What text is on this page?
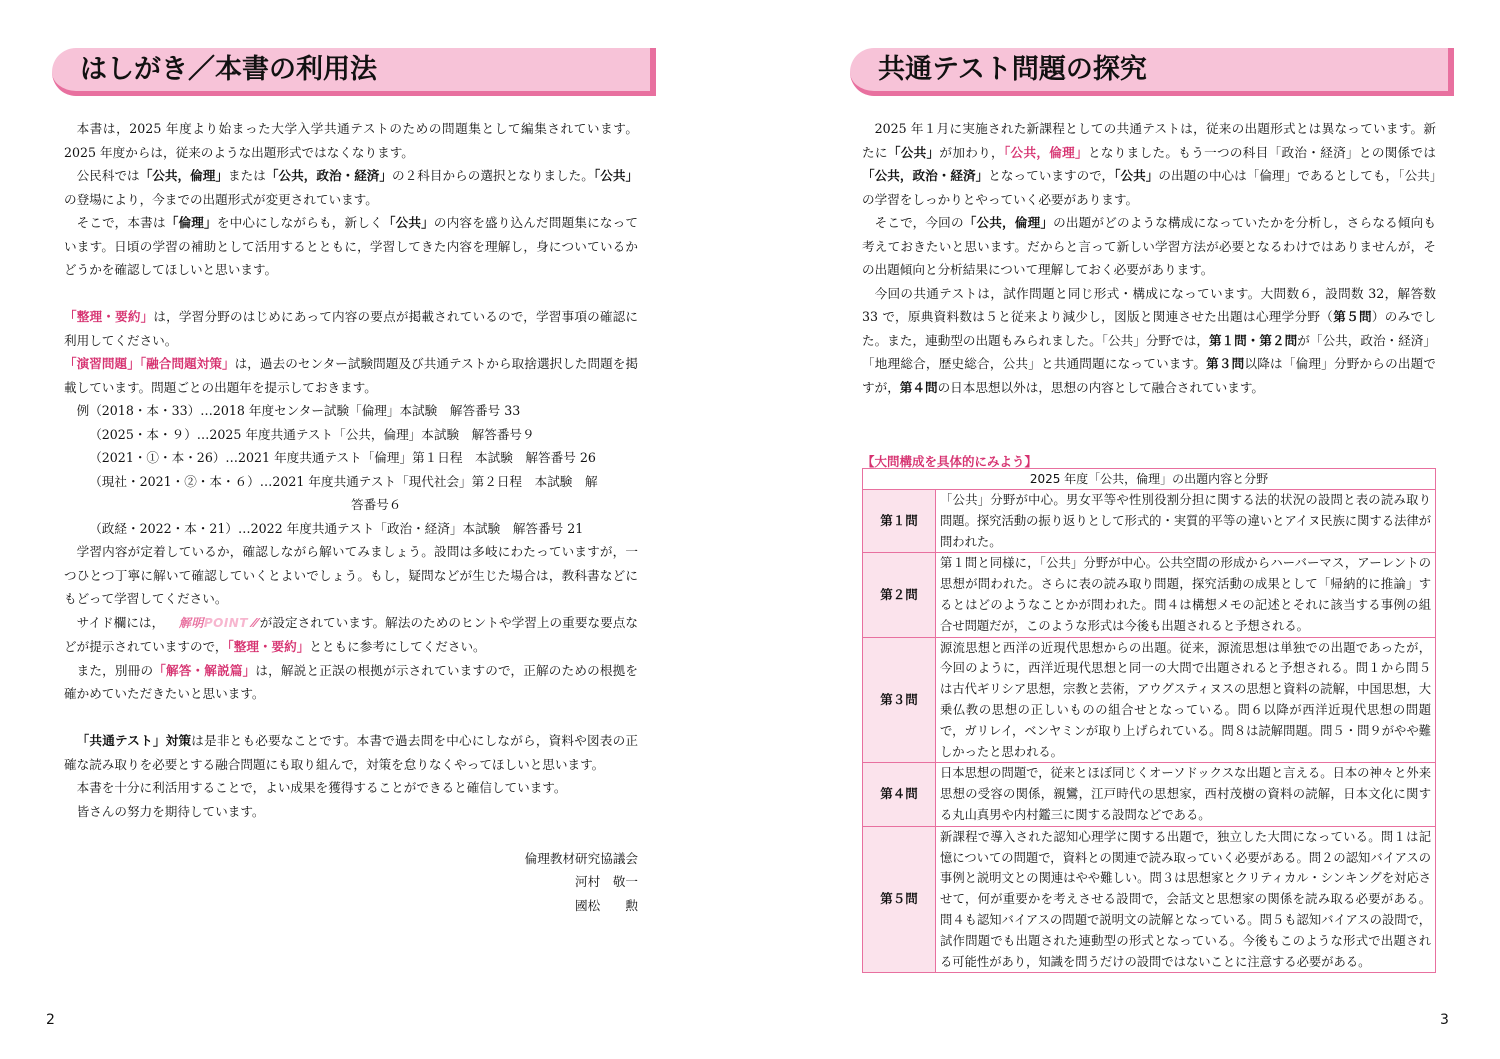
はしがき／本書の利用法

本書は，2025 年度より始まった大学入学共通テストのための問題集として編集されています。2025 年度からは，従来のような出題形式ではなくなります。

公民科では「公共，倫理」または「公共，政治・経済」の２科目からの選択となりました。「公共」の登場により，今までの出題形式が変更されています。

そこで，本書は「倫理」を中心にしながらも，新しく「公共」の内容を盛り込んだ問題集になっています。日頃の学習の補助として活用するとともに，学習してきた内容を理解し，身についているかどうかを確認してほしいと思います。

「整理・要約」は，学習分野のはじめにあって内容の要点が掲載されているので，学習事項の確認に利用してください。

「演習問題」「融合問題対策」は，過去のセンター試験問題及び共通テストから取捨選択した問題を掲載しています。問題ごとの出題年を提示しておきます。

例（2018・本・33）…2018 年度センター試験「倫理」本試験　解答番号 33

（2025・本・９）…2025 年度共通テスト「公共，倫理」本試験　解答番号９

（2021・①・本・26）…2021 年度共通テスト「倫理」第１日程　本試験　解答番号 26

（現社・2021・②・本・６）…2021 年度共通テスト「現代社会」第２日程　本試験　解

答番号６

（政経・2022・本・21）…2022 年度共通テスト「政治・経済」本試験　解答番号 21

学習内容が定着しているか，確認しながら解いてみましょう。設問は多岐にわたっていますが，一つひとつ丁寧に解いて確認していくとよいでしょう。もし，疑問などが生じた場合は，教科書などにもどって学習してください。

サイド欄には， 解明POINT ⁄⁄ が設定されています。解法のためのヒントや学習上の重要な要点などが提示されていますので，「整理・要約」とともに参考にしてください。

また，別冊の「解答・解説篇」は，解説と正誤の根拠が示されていますので，正解のための根拠を確かめていただきたいと思います。

「共通テスト」対策は是非とも必要なことです。本書で過去問を中心にしながら，資料や図表の正確な読み取りを必要とする融合問題にも取り組んで，対策を怠りなくやってほしいと思います。

本書を十分に利活用することで，よい成果を獲得することができると確信しています。

皆さんの努力を期待しています。

倫理教材研究協議会

河村　敬一

國松　　勲

2
共通テスト問題の探究

2025 年１月に実施された新課程としての共通テストは，従来の出題形式とは異なっています。新たに「公共」が加わり，「公共，倫理」となりました。もう一つの科目「政治・経済」との関係では「公共，政治・経済」となっていますので，「公共」の出題の中心は「倫理」であるとしても，「公共」の学習をしっかりとやっていく必要があります。

そこで，今回の「公共，倫理」の出題がどのような構成になっていたかを分析し，さらなる傾向も考えておきたいと思います。だからと言って新しい学習方法が必要となるわけではありませんが，その出題傾向と分析結果について理解しておく必要があります。

今回の共通テストは，試作問題と同じ形式・構成になっています。大問数６，設問数 32，解答数 33 で，原典資料数は５と従来より減少し，図版と関連させた出題は心理学分野（第５問）のみでした。また，連動型の出題もみられました。「公共」分野では，第１問・第２問が「公共，政治・経済」「地理総合，歴史総合，公共」と共通問題になっています。第３問以降は「倫理」分野からの出題ですが，第４問の日本思想以外は，思想の内容として融合されています。

【大問構成を具体的にみよう】
2025 年度「公共，倫理」の出題内容と分野	
第１問	「公共」分野が中心。男女平等や性別役割分担に関する法的状況の設問と表の読み取り問題。探究活動の振り返りとして形式的・実質的平等の違いとアイヌ民族に関する法律が問われた。
第２問	第１問と同様に，「公共」分野が中心。公共空間の形成からハーバーマス，アーレントの思想が問われた。さらに表の読み取り問題，探究活動の成果として「帰納的に推論」するとはどのようなことかが問われた。問４は構想メモの記述とそれに該当する事例の組合せ問題だが，このような形式は今後も出題されると予想される。
第３問	源流思想と西洋の近現代思想からの出題。従来，源流思想は単独での出題であったが，今回のように，西洋近現代思想と同一の大問で出題されると予想される。問１から問５は古代ギリシア思想，宗教と芸術，アウグスティヌスの思想と資料の読解，中国思想，大乗仏教の思想の正しいものの組合せとなっている。問６以降が西洋近現代思想の問題で，ガリレイ，ベンヤミンが取り上げられている。問８は読解問題。問５・問９がやや難しかったと思われる。
第４問	日本思想の問題で，従来とほぼ同じくオーソドックスな出題と言える。日本の神々と外来思想の受容の関係，親鸞，江戸時代の思想家，西村茂樹の資料の読解，日本文化に関する丸山真男や内村鑑三に関する設問などである。
第５問	新課程で導入された認知心理学に関する出題で，独立した大問になっている。問１は記憶についての問題で，資料との関連で読み取っていく必要がある。問２の認知バイアスの事例と説明文との関連はやや難しい。問３は思想家とクリティカル・シンキングを対応させて，何が重要かを考えさせる設問で，会話文と思想家の関係を読み取る必要がある。問４も認知バイアスの問題で説明文の読解となっている。問５も認知バイアスの設問で，試作問題でも出題された連動型の形式となっている。今後もこのような形式で出題される可能性があり，知識を問うだけの設問ではないことに注意する必要がある。
3
